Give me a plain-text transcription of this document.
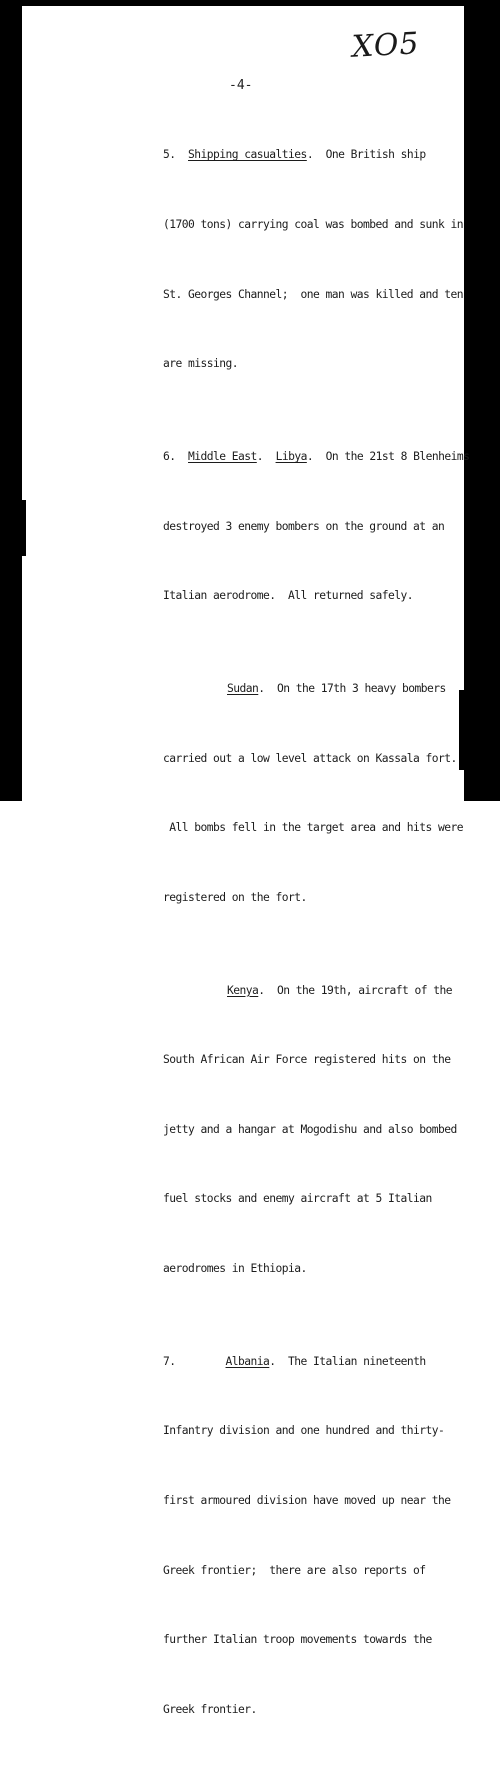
XO5
-4-

5. Shipping casualties.  One British ship

(1700 tons) carrying coal was bombed and sunk in

St. Georges Channel;  one man was killed and ten

are missing.

6. Middle East.  Libya.  On the 21st 8 Blenheims

destroyed 3 enemy bombers on the ground at an

Italian aerodrome.  All returned safely.

Sudan.  On the 17th 3 heavy bombers

carried out a low level attack on Kassala fort.

All bombs fell in the target area and hits were

registered on the fort.

Kenya.  On the 19th, aircraft of the

South African Air Force registered hits on the

jetty and a hangar at Mogodishu and also bombed

fuel stocks and enemy aircraft at 5 Italian

aerodromes in Ethiopia.

7.	Albania.  The Italian nineteenth

Infantry division and one hundred and thirty-

first armoured division have moved up near the

Greek frontier;  there are also reports of

further Italian troop movements towards the

Greek frontier.
